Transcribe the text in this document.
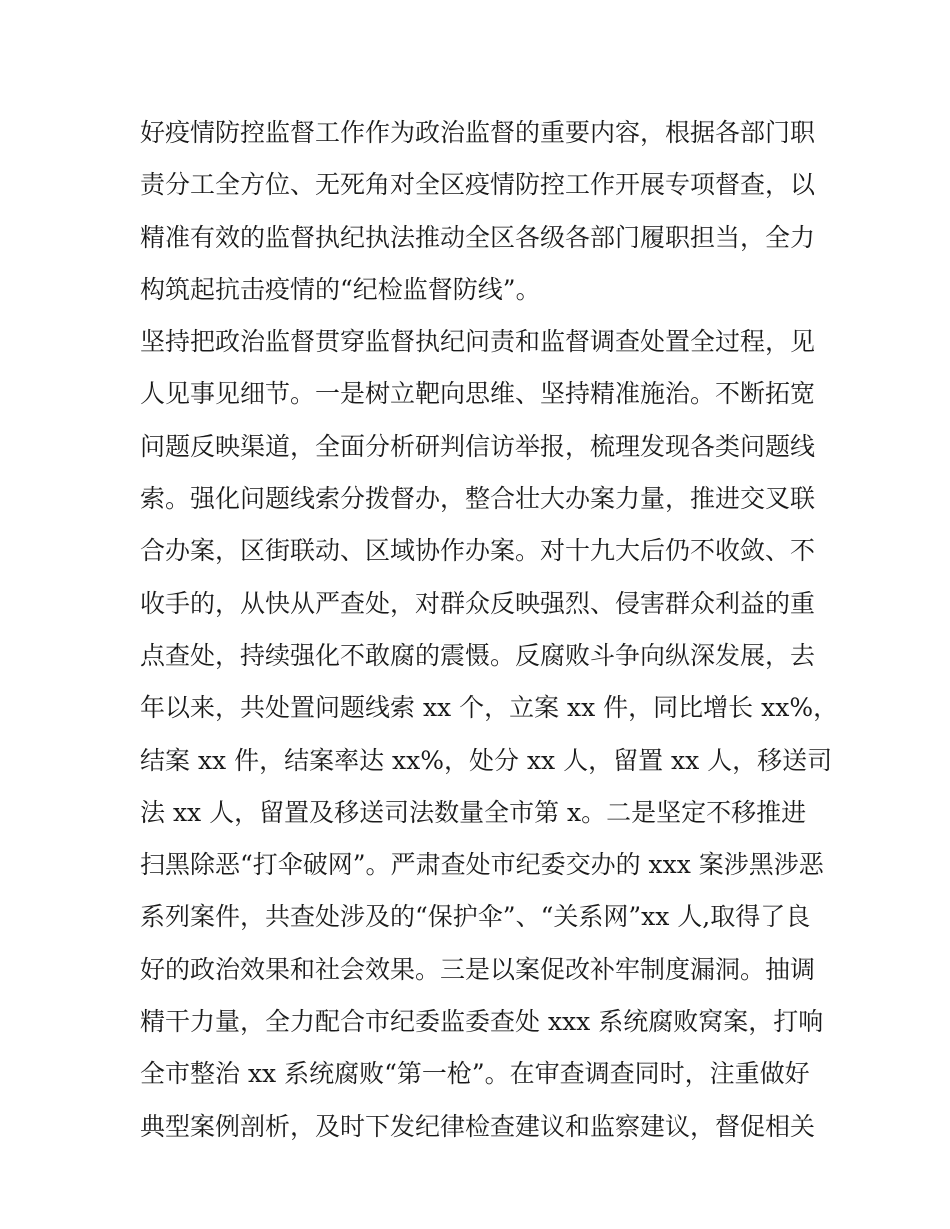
好疫情防控监督工作作为政治监督的重要内容，根据各部门职
责分工全方位、无死角对全区疫情防控工作开展专项督查，以
精准有效的监督执纪执法推动全区各级各部门履职担当，全力
构筑起抗击疫情的“纪检监督防线”。
坚持把政治监督贯穿监督执纪问责和监督调查处置全过程，见
人见事见细节。一是树立靶向思维、坚持精准施治。不断拓宽
问题反映渠道，全面分析研判信访举报，梳理发现各类问题线
索。强化问题线索分拨督办，整合壮大办案力量，推进交叉联
合办案，区街联动、区域协作办案。对十九大后仍不收敛、不
收手的，从快从严查处，对群众反映强烈、侵害群众利益的重
点查处，持续强化不敢腐的震慑。反腐败斗争向纵深发展，去
年以来，共处置问题线索 xx 个，立案 xx 件，同比增长 xx%，
结案 xx 件，结案率达 xx%，处分 xx 人，留置 xx 人，移送司
法 xx 人，留置及移送司法数量全市第 x。二是坚定不移推进
扫黑除恶“打伞破网”。严肃查处市纪委交办的 xxx 案涉黑涉恶
系列案件，共查处涉及的“保护伞”、“关系网”xx 人,取得了良
好的政治效果和社会效果。三是以案促改补牢制度漏洞。抽调
精干力量，全力配合市纪委监委查处 xxx 系统腐败窝案，打响
全市整治 xx 系统腐败“第一枪”。在审查调查同时，注重做好
典型案例剖析，及时下发纪律检查建议和监察建议，督促相关
